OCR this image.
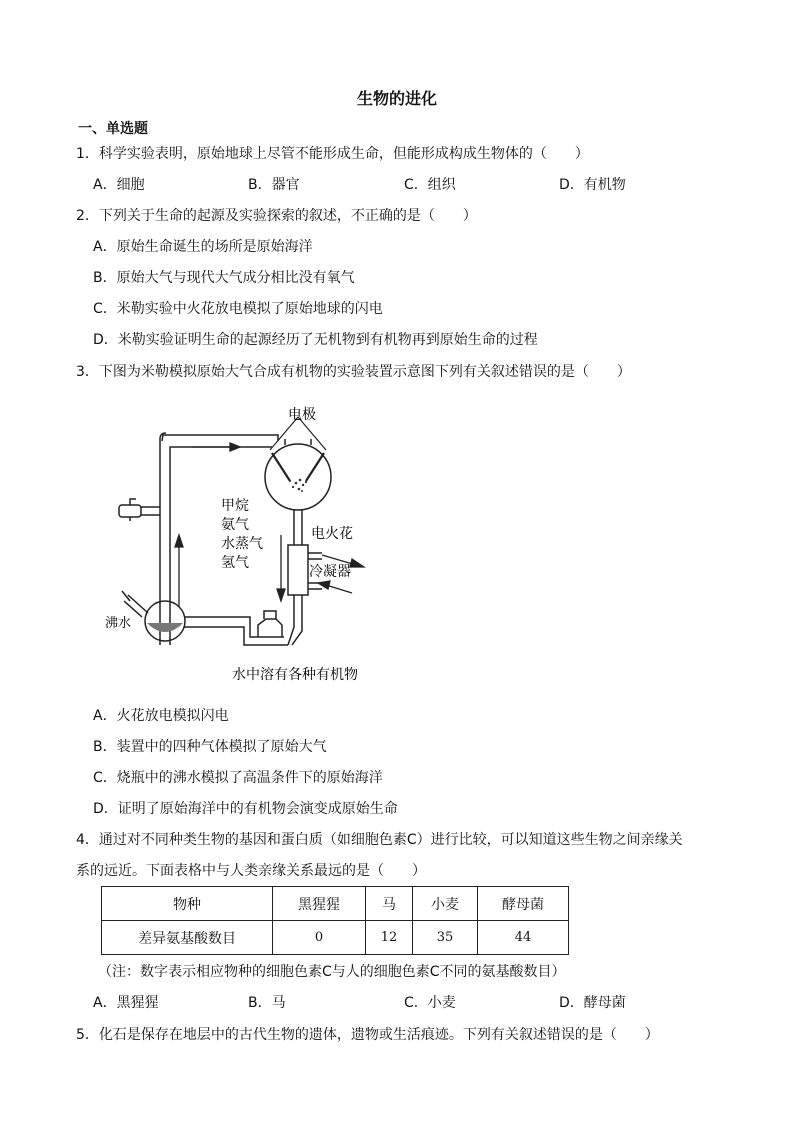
生物的进化
一、单选题
1．科学实验表明，原始地球上尽管不能形成生命，但能形成构成生物体的（　　）
A．细胞	B．器官	C．组织	D．有机物
2．下列关于生命的起源及实验探索的叙述，不正确的是（　　）
A．原始生命诞生的场所是原始海洋
B．原始大气与现代大气成分相比没有氧气
C．米勒实验中火花放电模拟了原始地球的闪电
D．米勒实验证明生命的起源经历了无机物到有机物再到原始生命的过程
3．下图为米勒模拟原始大气合成有机物的实验装置示意图下列有关叙述错误的是（　　）
电极
甲烷
氨气
水蒸气
氢气
电火花
冷凝器
沸水
水中溶有各种有机物
A．火花放电模拟闪电
B．装置中的四种气体模拟了原始大气
C．烧瓶中的沸水模拟了高温条件下的原始海洋
D．证明了原始海洋中的有机物会演变成原始生命
4．通过对不同种类生物的基因和蛋白质（如细胞色素C）进行比较，可以知道这些生物之间亲缘关
系的远近。下面表格中与人类亲缘关系最远的是（　　）
物种	黑猩猩	马	小麦	酵母菌
差异氨基酸数目	0	12	35	44
（注：数字表示相应物种的细胞色素C与人的细胞色素C不同的氨基酸数目）
A．黑猩猩	B．马	C．小麦	D．酵母菌
5．化石是保存在地层中的古代生物的遗体，遗物或生活痕迹。下列有关叙述错误的是（　　）
